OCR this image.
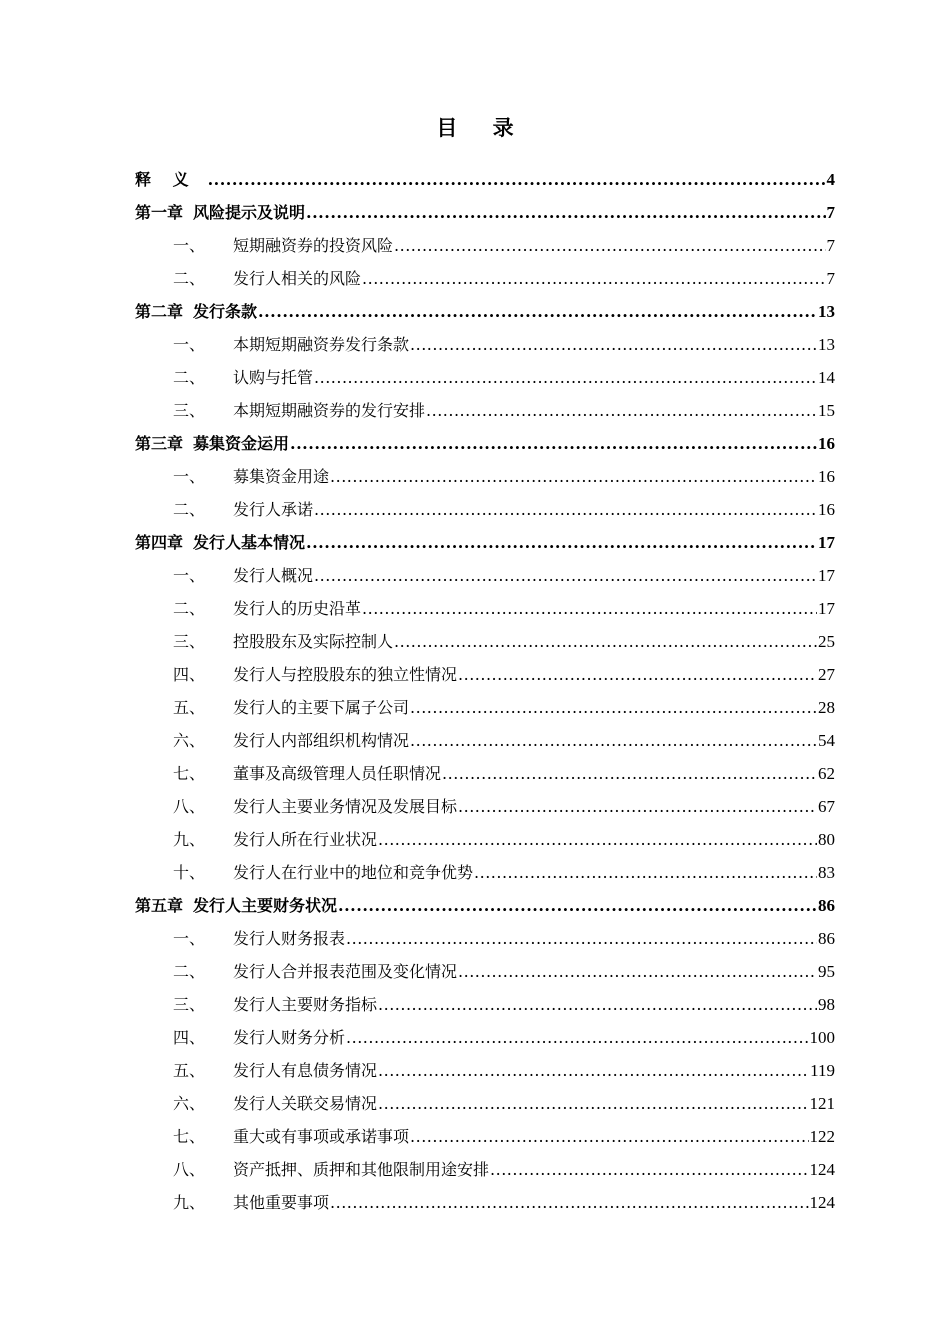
目 录
释 义 .....	4
第一章 风险提示及说明 .....	7
一、	短期融资券的投资风险 .....	7
二、	发行人相关的风险 .....	7
第二章 发行条款 .....	13
一、	本期短期融资券发行条款 .....	13
二、	认购与托管 .....	14
三、	本期短期融资券的发行安排 .....	15
第三章 募集资金运用 .....	16
一、	募集资金用途 .....	16
二、	发行人承诺 .....	16
第四章 发行人基本情况 .....	17
一、	发行人概况 .....	17
二、	发行人的历史沿革 .....	17
三、	控股股东及实际控制人 .....	25
四、	发行人与控股股东的独立性情况 .....	27
五、	发行人的主要下属子公司 .....	28
六、	发行人内部组织机构情况 .....	54
七、	董事及高级管理人员任职情况 .....	62
八、	发行人主要业务情况及发展目标 .....	67
九、	发行人所在行业状况 .....	80
十、	发行人在行业中的地位和竞争优势 .....	83
第五章 发行人主要财务状况 .....	86
一、	发行人财务报表 .....	86
二、	发行人合并报表范围及变化情况 .....	95
三、	发行人主要财务指标 .....	98
四、	发行人财务分析 .....	100
五、	发行人有息债务情况 .....	119
六、	发行人关联交易情况 .....	121
七、	重大或有事项或承诺事项 .....	122
八、	资产抵押、质押和其他限制用途安排 .....	124
九、	其他重要事项 .....	124
